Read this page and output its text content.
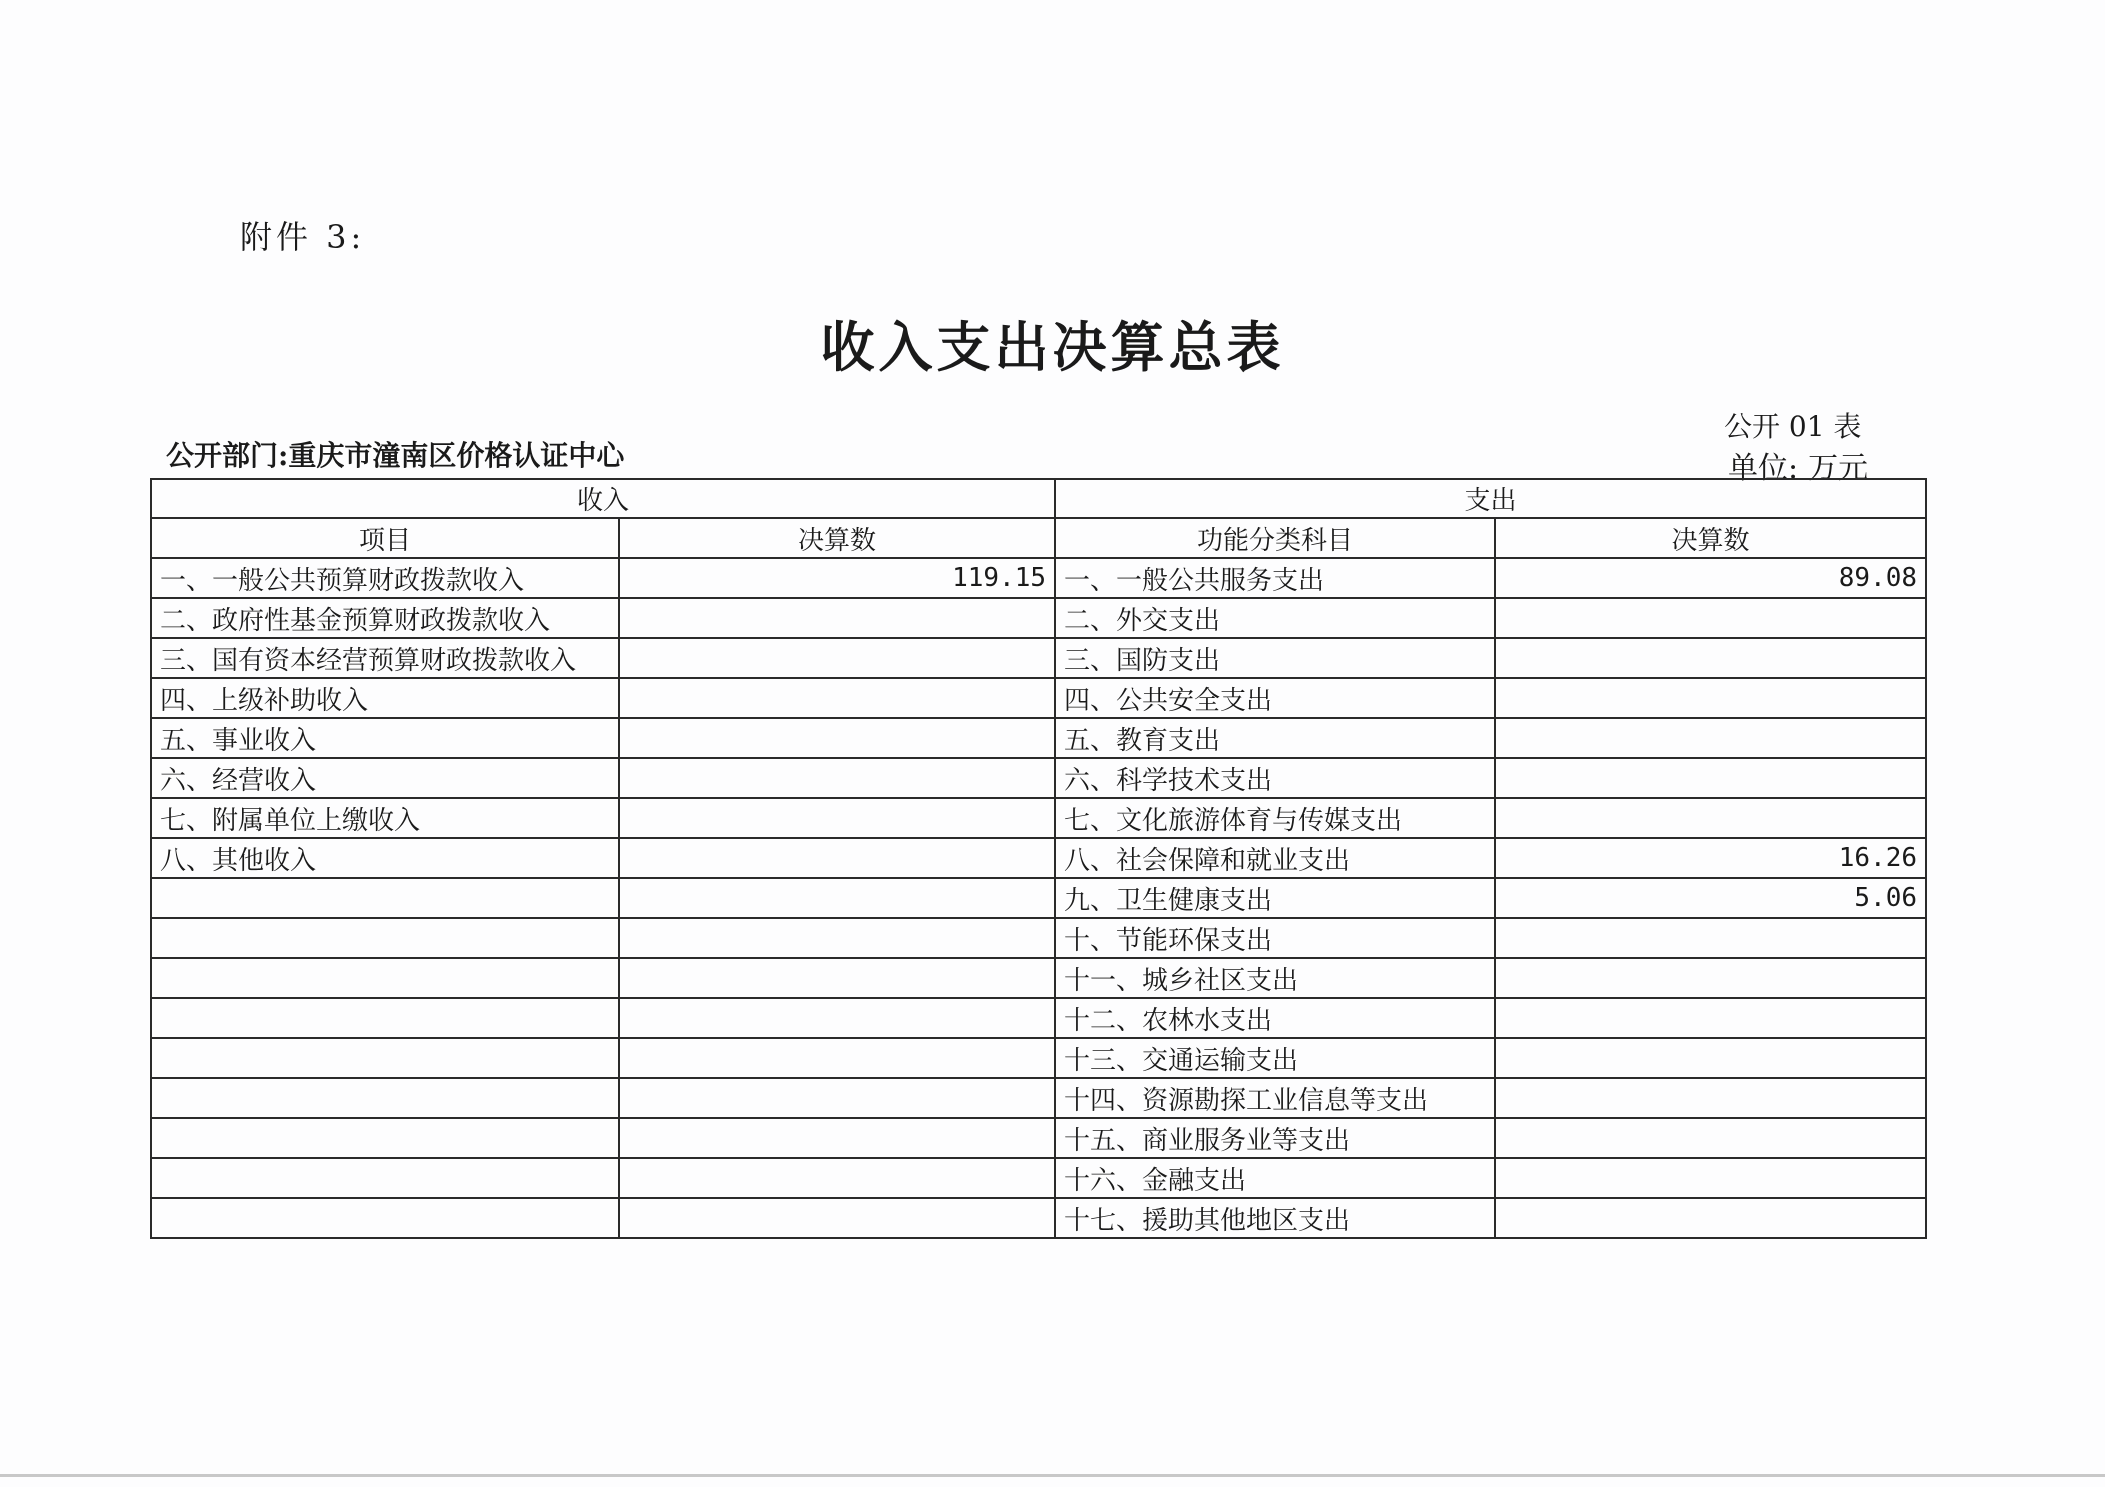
附件 3:
收入支出决算总表
公开 01 表
单位: 万元
公开部门:重庆市潼南区价格认证中心
收入		支出	
项目	决算数	功能分类科目	决算数
一、一般公共预算财政拨款收入	119.15	一、一般公共服务支出	89.08
二、政府性基金预算财政拨款收入		二、外交支出	
三、国有资本经营预算财政拨款收入		三、国防支出	
四、上级补助收入		四、公共安全支出	
五、事业收入		五、教育支出	
六、经营收入		六、科学技术支出	
七、附属单位上缴收入		七、文化旅游体育与传媒支出	
八、其他收入		八、社会保障和就业支出	16.26
		九、卫生健康支出	5.06
		十、节能环保支出	
		十一、城乡社区支出	
		十二、农林水支出	
		十三、交通运输支出	
		十四、资源勘探工业信息等支出	
		十五、商业服务业等支出	
		十六、金融支出	
		十七、援助其他地区支出	
